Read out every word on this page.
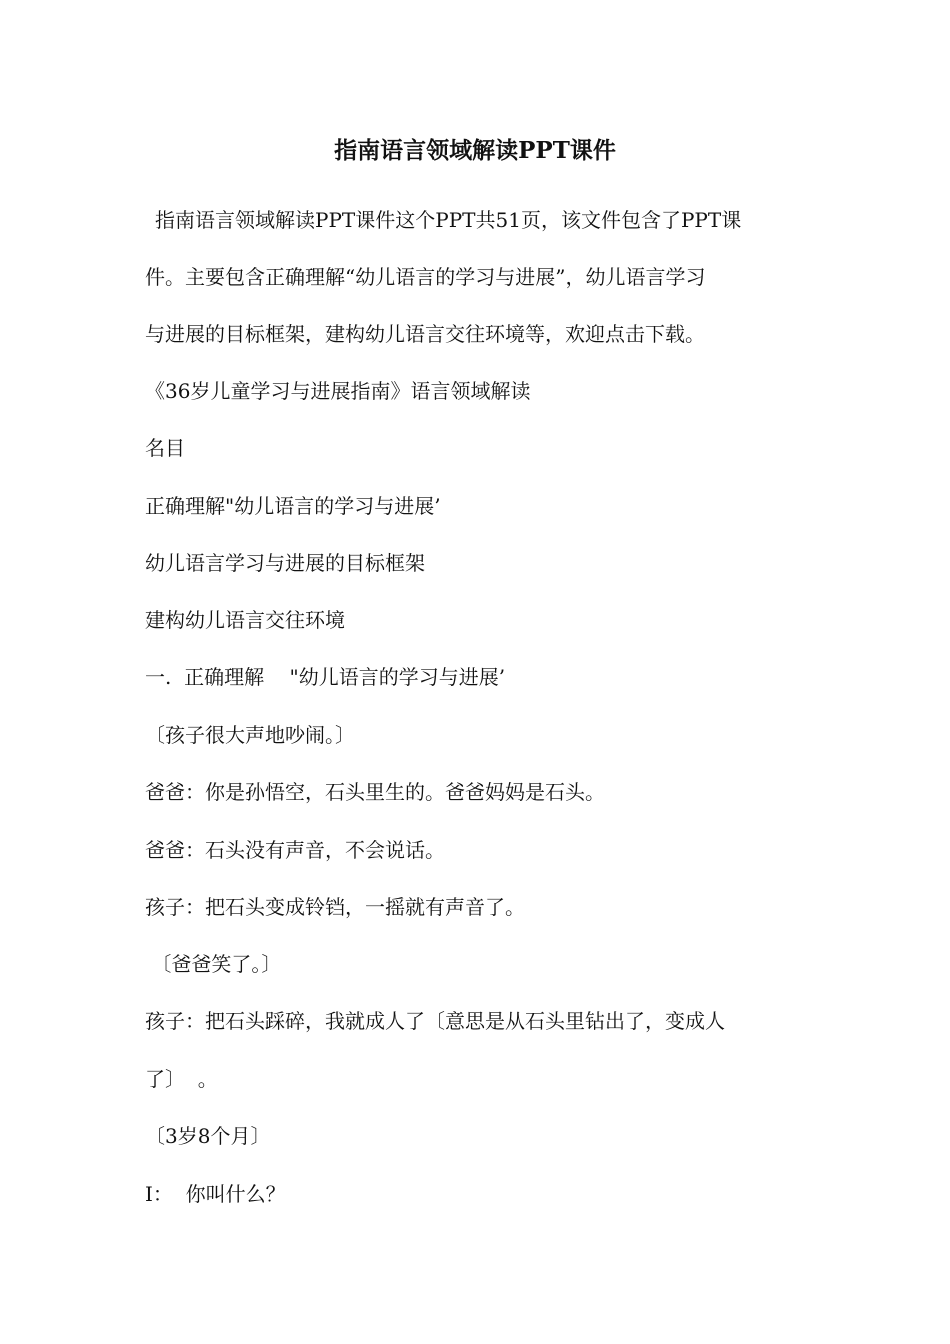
指南语言领域解读PPT课件
指南语言领域解读PPT课件这个PPT共51页，该文件包含了PPT课
件。主要包含正确理解“幼儿语言的学习与进展”，幼儿语言学习
与进展的目标框架，建构幼儿语言交往环境等，欢迎点击下载。
《36岁儿童学习与进展指南》语言领域解读
名目
正确理解"幼儿语言的学习与进展’
幼儿语言学习与进展的目标框架
建构幼儿语言交往环境
一.  正确理解    "幼儿语言的学习与进展’
〔孩子很大声地吵闹。〕
爸爸：你是孙悟空，石头里生的。爸爸妈妈是石头。
爸爸：石头没有声音，不会说话。
孩子：把石头变成铃铛，一摇就有声音了。
〔爸爸笑了。〕
孩子：把石头踩碎，我就成人了〔意思是从石头里钻出了，变成人
了〕  。
〔3岁8个月〕
I：  你叫什么？
